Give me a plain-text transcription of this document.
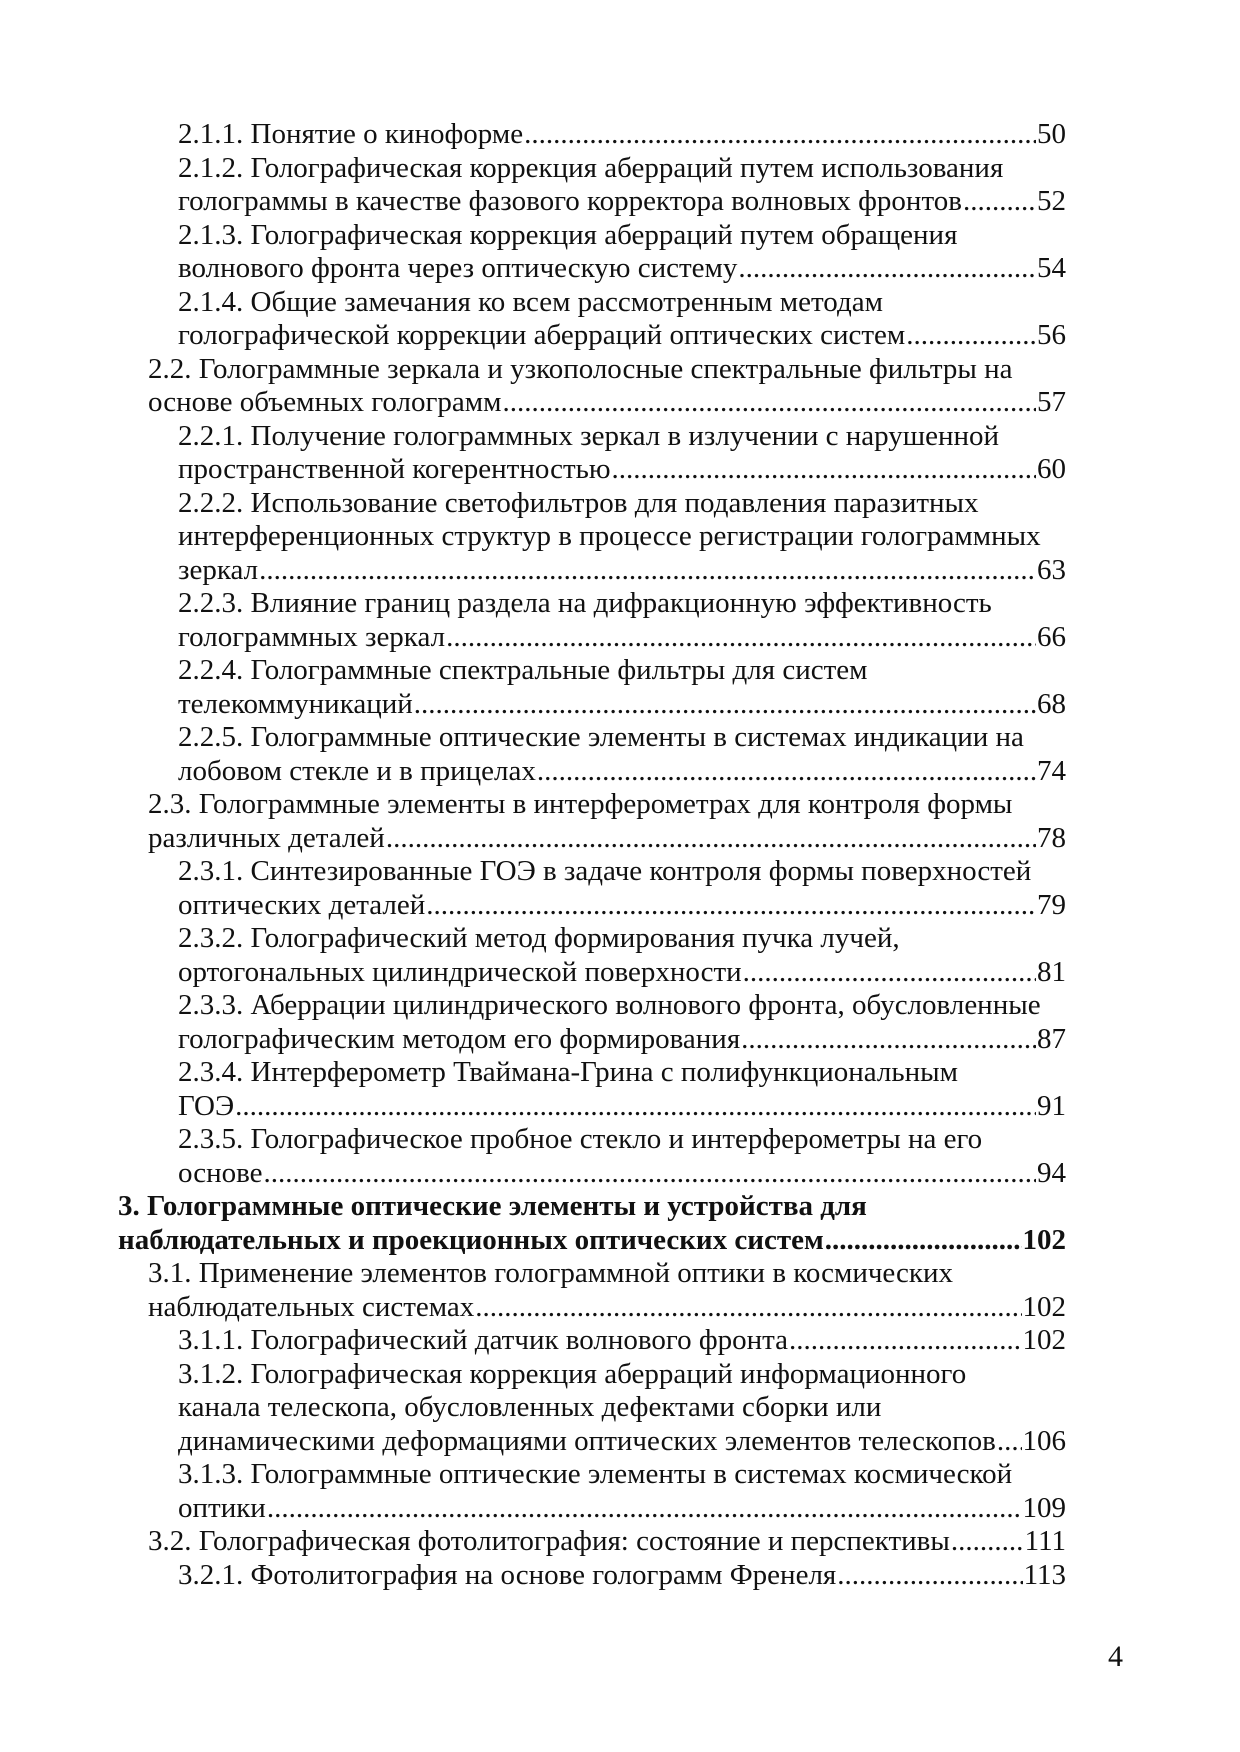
2.1.1. Понятие о киноформе .....	50
2.1.2. Голографическая коррекция аберраций путем использования
голограммы в качестве фазового корректора волновых фронтов .....	52
2.1.3. Голографическая коррекция аберраций путем обращения
волнового фронта через оптическую систему .....	54
2.1.4. Общие замечания ко всем рассмотренным методам
голографической коррекции аберраций оптических систем .....	56
2.2. Голограммные зеркала и узкополосные спектральные фильтры на
основе объемных голограмм .....	57
2.2.1. Получение голограммных зеркал в излучении с нарушенной
пространственной когерентностью .....	60
2.2.2. Использование светофильтров для подавления паразитных
интерференционных структур в процессе регистрации голограммных
зеркал .....	63
2.2.3. Влияние границ раздела на дифракционную эффективность
голограммных зеркал .....	66
2.2.4. Голограммные спектральные фильтры для систем
телекоммуникаций .....	68
2.2.5. Голограммные оптические элементы в системах индикации на
лобовом стекле и в прицелах .....	74
2.3. Голограммные элементы в интерферометрах для контроля формы
различных деталей .....	78
2.3.1. Синтезированные ГОЭ в задаче контроля формы поверхностей
оптических деталей .....	79
2.3.2. Голографический метод формирования пучка лучей,
ортогональных цилиндрической поверхности .....	81
2.3.3. Аберрации цилиндрического волнового фронта, обусловленные
голографическим методом его формирования .....	87
2.3.4. Интерферометр Тваймана-Грина с полифункциональным
ГОЭ .....	91
2.3.5. Голографическое пробное стекло и интерферометры на его
основе .....	94
3. Голограммные оптические элементы и устройства для
наблюдательных и проекционных оптических систем .....	102
3.1. Применение элементов голограммной оптики в космических
наблюдательных системах .....	102
3.1.1. Голографический датчик волнового фронта .....	102
3.1.2. Голографическая коррекция аберраций информационного
канала телескопа, обусловленных дефектами сборки или
динамическими деформациями оптических элементов телескопов ..... 106
3.1.3. Голограммные оптические элементы в системах космической
оптики .....	109
3.2. Голографическая фотолитография: состояние и перспективы .....	111
3.2.1. Фотолитография на основе голограмм Френеля .....	113
4
